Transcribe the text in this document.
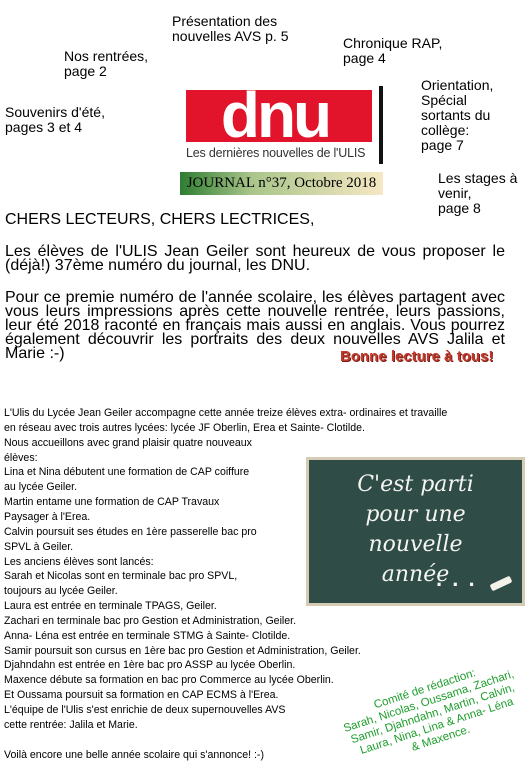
Présentation des
nouvelles AVS p. 5
Nos rentrées,
page 2
Chronique RAP,
page 4
Souvenirs d'été,
pages 3 et 4
Orientation,
Spécial
sortants du
collège:
page 7
Les stages à
venir,
page 8
dnu
Les dernières nouvelles de l'ULIS
JOURNAL n°37, Octobre 2018
CHERS LECTEURS, CHERS LECTRICES,
Les élèves de l'ULIS Jean Geiler sont heureux de vous proposer le (déjà!) 37ème numéro du journal, les DNU.
Pour ce premie numéro de l'année scolaire, les élèves partagent avec vous leurs impressions après cette nouvelle rentrée, leurs passions, leur été 2018 raconté en français mais aussi en anglais. Vous pourrez également découvrir les portraits des deux nouvelles AVS Jalila et Marie :-)	Bonne lecture à tous!
L'Ulis du Lycée Jean Geiler accompagne cette année treize élèves extra- ordinaires et travaille
en réseau avec trois autres lycées: lycée JF Oberlin, Erea et Sainte- Clotilde.
Nous accueillons avec grand plaisir quatre nouveaux
élèves:
Lina et Nina débutent une formation de CAP coiffure
au lycée Geiler.
Martin entame une formation de CAP Travaux
Paysager à l'Erea.
Calvin poursuit ses études en 1ère passerelle bac pro
SPVL à Geiler.
Les anciens élèves sont lancés:
Sarah et Nicolas sont en terminale bac pro SPVL,
toujours au lycée Geiler.
Laura est entrée en terminale TPAGS, Geiler.
Zachari en terminale bac pro Gestion et Administration, Geiler.
Anna- Léna est entrée en terminale STMG à Sainte- Clotilde.
Samir poursuit son cursus en 1ère bac pro Gestion et Administration, Geiler.
Djahndahn est entrée en 1ère bac pro ASSP au lycée Oberlin.
Maxence débute sa formation en bac pro Commerce au lycée Oberlin.
Et Oussama poursuit sa formation en CAP ECMS à l'Erea.
L'équipe de l'Ulis s'est enrichie de deux supernouvelles AVS
cette rentrée: Jalila et Marie.
Voilà encore une belle année scolaire qui s'annonce! :-)
C'est parti
pour une
nouvelle
année
. . .
Comité de rédaction:
Sarah, Nicolas, Oussama, Zachari,
Samir, Djahndahn, Martin, Calvin,
Laura, Nina, Lina & Anna- Léna
& Maxence.
